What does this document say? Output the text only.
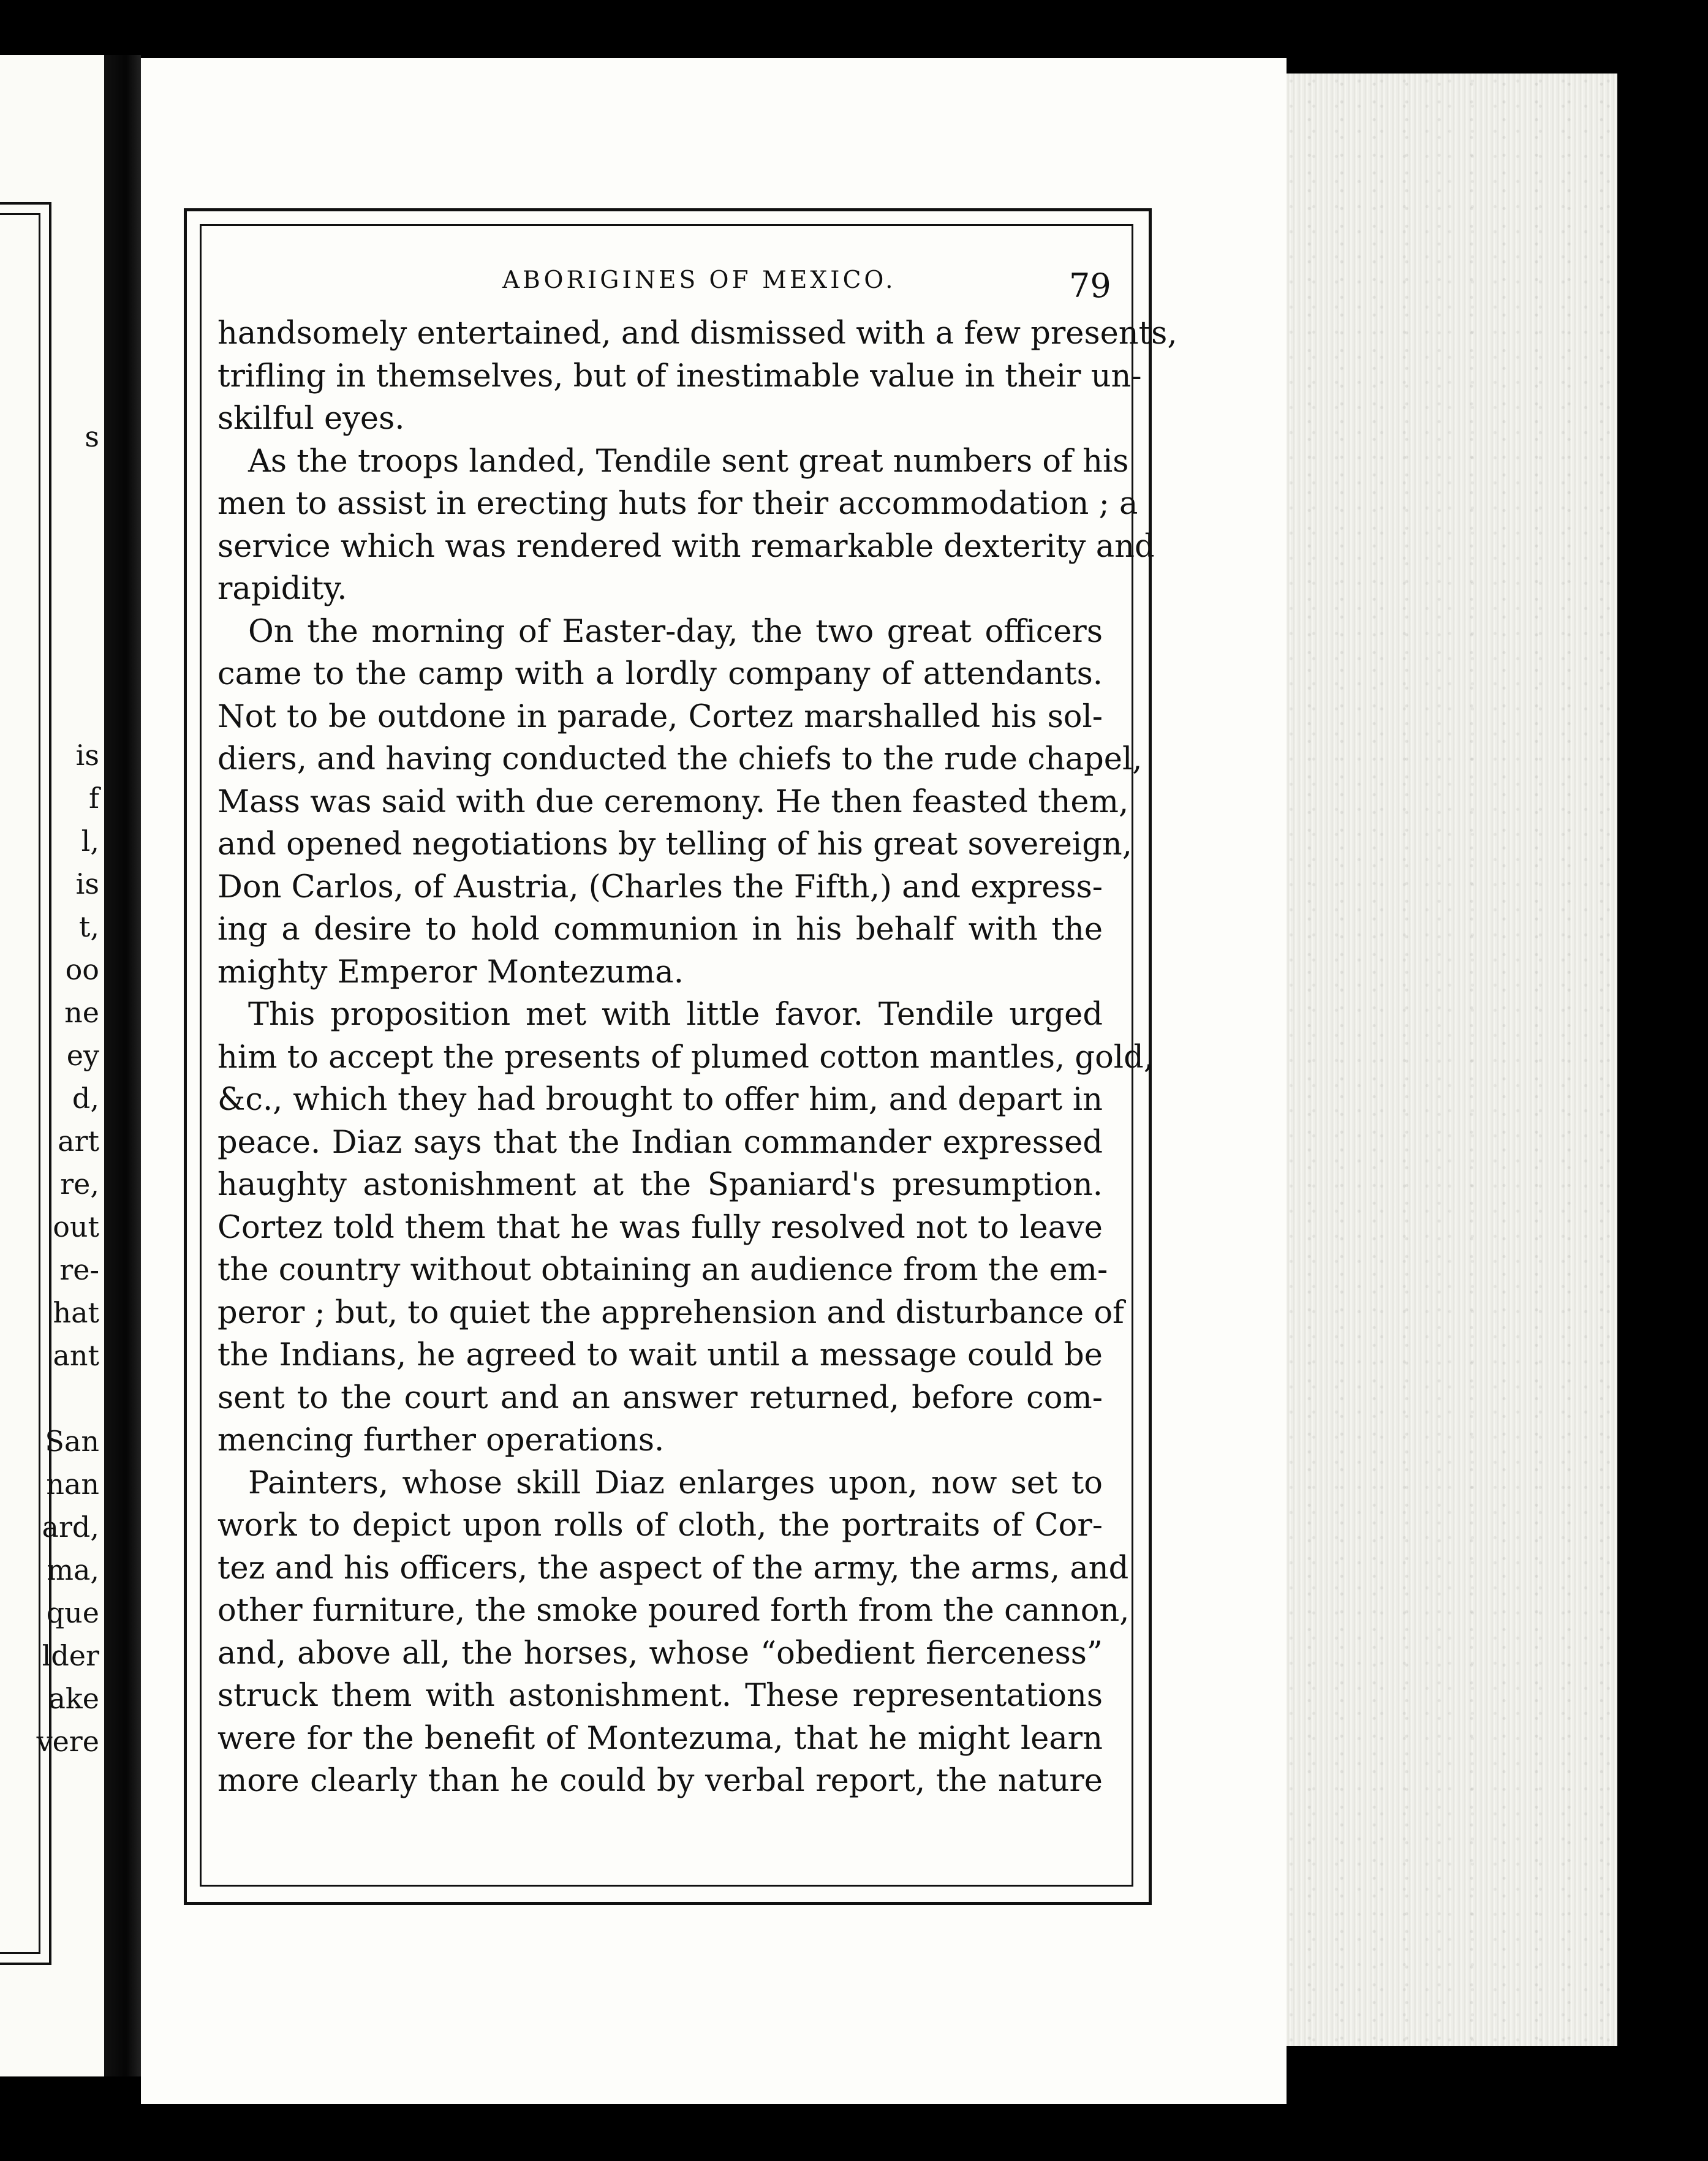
s
is
f
l,
is
t,
oo
ne
ey
d,
art
re,
out
re-
hat
ant
San
nan
ard,
ma,
que
lder
ake
vere
ABORIGINES OF MEXICO.	79
handsomely entertained, and dismissed with a few presents,
trifling in themselves, but of inestimable value in their un-
skilful eyes.
As the troops landed, Tendile sent great numbers of his
men to assist in erecting huts for their accommodation ; a
service which was rendered with remarkable dexterity and
rapidity.
On the morning of Easter-day, the two great officers
came to the camp with a lordly company of attendants.
Not to be outdone in parade, Cortez marshalled his sol-
diers, and having conducted the chiefs to the rude chapel,
Mass was said with due ceremony. He then feasted them,
and opened negotiations by telling of his great sovereign,
Don Carlos, of Austria, (Charles the Fifth,) and express-
ing a desire to hold communion in his behalf with the
mighty Emperor Montezuma.
This proposition met with little favor. Tendile urged
him to accept the presents of plumed cotton mantles, gold,
&c., which they had brought to offer him, and depart in
peace. Diaz says that the Indian commander expressed
haughty astonishment at the Spaniard's presumption.
Cortez told them that he was fully resolved not to leave
the country without obtaining an audience from the em-
peror ; but, to quiet the apprehension and disturbance of
the Indians, he agreed to wait until a message could be
sent to the court and an answer returned, before com-
mencing further operations.
Painters, whose skill Diaz enlarges upon, now set to
work to depict upon rolls of cloth, the portraits of Cor-
tez and his officers, the aspect of the army, the arms, and
other furniture, the smoke poured forth from the cannon,
and, above all, the horses, whose “obedient fierceness”
struck them with astonishment. These representations
were for the benefit of Montezuma, that he might learn
more clearly than he could by verbal report, the nature
